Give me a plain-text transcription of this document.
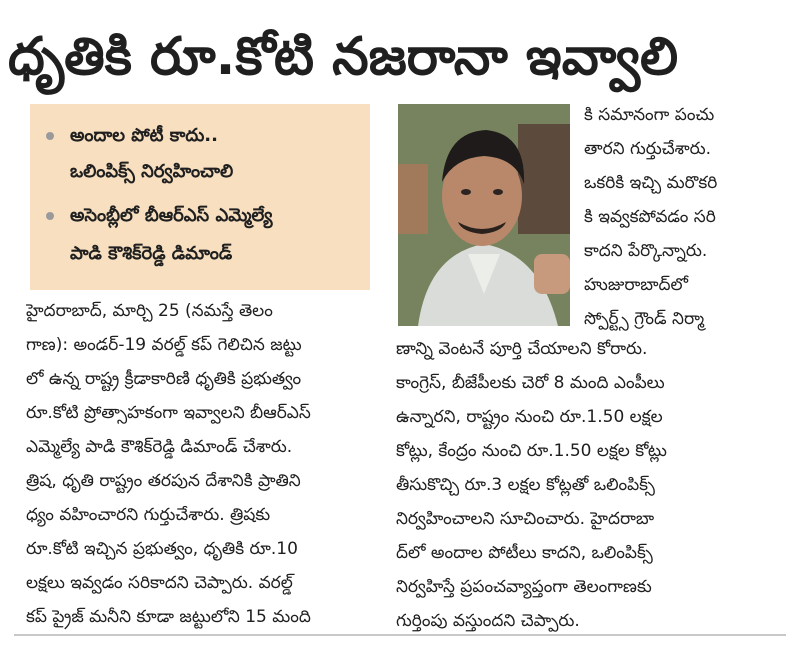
ధృతికి రూ.కోటి నజరానా ఇవ్వాలి
అందాల పోటీ కాదు..
ఒలింపిక్స్ నిర్వహించాలి
అసెంబ్లీలో బీఆర్‌ఎస్ ఎమ్మెల్యే
పాడి కౌశిక్‌రెడ్డి డిమాండ్
కి సమానంగా పంచు
తారని గుర్తుచేశారు.
ఒకరికి ఇచ్చి మరొకరి
కి ఇవ్వకపోవడం సరి
కాదని పేర్కొన్నారు.
హుజురాబాద్‌లో
స్పోర్ట్స్ గ్రౌండ్ నిర్మా
హైదరాబాద్, మార్చి 25 (నమస్తే తెలం
గాణ): అండర్-19 వరల్డ్ కప్ గెలిచిన జట్టు
లో ఉన్న రాష్ట్ర క్రీడాకారిణి ధృతికి ప్రభుత్వం
రూ.కోటి ప్రోత్సాహకంగా ఇవ్వాలని బీఆర్‌ఎస్
ఎమ్మెల్యే పాడి కౌశిక్‌రెడ్డి డిమాండ్ చేశారు.
త్రిష, ధృతి రాష్ట్రం తరపున దేశానికి ప్రాతిని
ధ్యం వహించారని గుర్తుచేశారు. త్రిషకు
రూ.కోటి ఇచ్చిన ప్రభుత్వం, ధృతికి రూ.10
లక్షలు ఇవ్వడం సరికాదని చెప్పారు. వరల్డ్
కప్ ప్రైజ్ మనీని కూడా జట్టులోని 15 మంది
ణాన్ని వెంటనే పూర్తి చేయాలని కోరారు.
కాంగ్రెస్, బీజేపీలకు చెరో 8 మంది ఎంపీలు
ఉన్నారని, రాష్ట్రం నుంచి రూ.1.50 లక్షల
కోట్లు, కేంద్రం నుంచి రూ.1.50 లక్షల కోట్లు
తీసుకొచ్చి రూ.3 లక్షల కోట్లతో ఒలింపిక్స్
నిర్వహించాలని సూచించారు. హైదరాబా
ద్‌లో అందాల పోటీలు కాదని, ఒలింపిక్స్
నిర్వహిస్తే ప్రపంచవ్యాప్తంగా తెలంగాణకు
గుర్తింపు వస్తుందని చెప్పారు.
